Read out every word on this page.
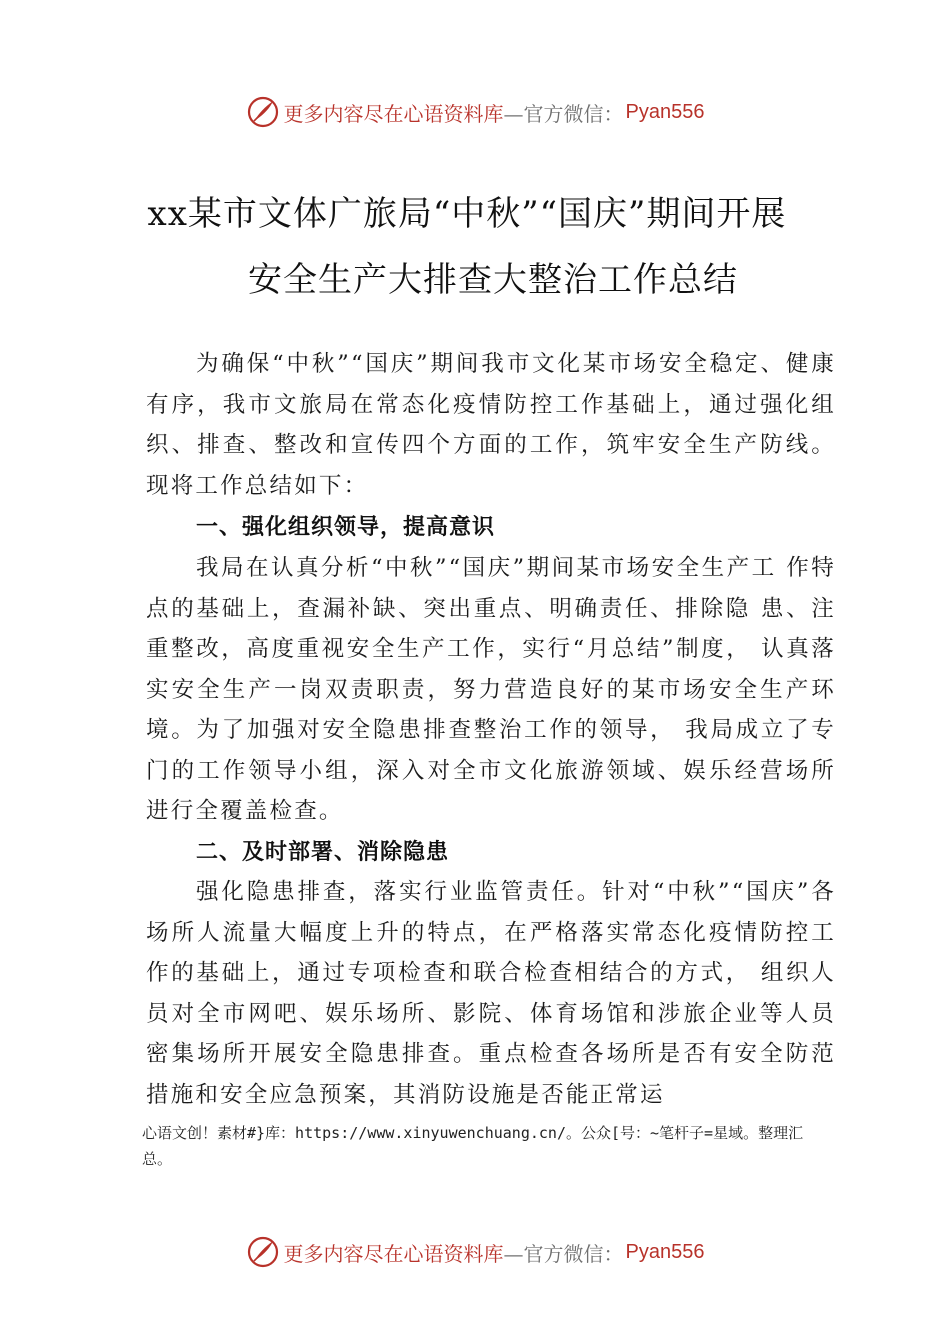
更多内容尽在心语资料库 —官方微信： Pyan556
xx某市文体广旅局“中秋”“国庆”期间开展
安全生产大排查大整治工作总结

为确保“中秋”“国庆”期间我市文化某市场安全稳定、健康有序，我市文旅局在常态化疫情防控工作基础上，通过强化组织、排查、整改和宣传四个方面的工作，筑牢安全生产防线。现将工作总结如下：

一、强化组织领导，提高意识

我局在认真分析“中秋”“国庆”期间某市场安全生产工 作特点的基础上，查漏补缺、突出重点、明确责任、排除隐 患、注重整改，高度重视安全生产工作，实行“月总结”制度， 认真落实安全生产一岗双责职责，努力营造良好的某市场安全生产环境。为了加强对安全隐患排查整治工作的领导， 我局成立了专门的工作领导小组，深入对全市文化旅游领域、娱乐经营场所进行全覆盖检查。

二、及时部署、消除隐患

强化隐患排查，落实行业监管责任。针对“中秋”“国庆”各场所人流量大幅度上升的特点，在严格落实常态化疫情防控工作的基础上，通过专项检查和联合检查相结合的方式， 组织人员对全市网吧、娱乐场所、影院、体育场馆和涉旅企业等人员密集场所开展安全隐患排查。重点检查各场所是否有安全防范措施和安全应急预案，其消防设施是否能正常运

心语文创！素材#}库：https://www.xinyuwenchuang.cn/。公众[号：~笔杆子=星域。整理汇总。

更多内容尽在心语资料库 —官方微信： Pyan556
